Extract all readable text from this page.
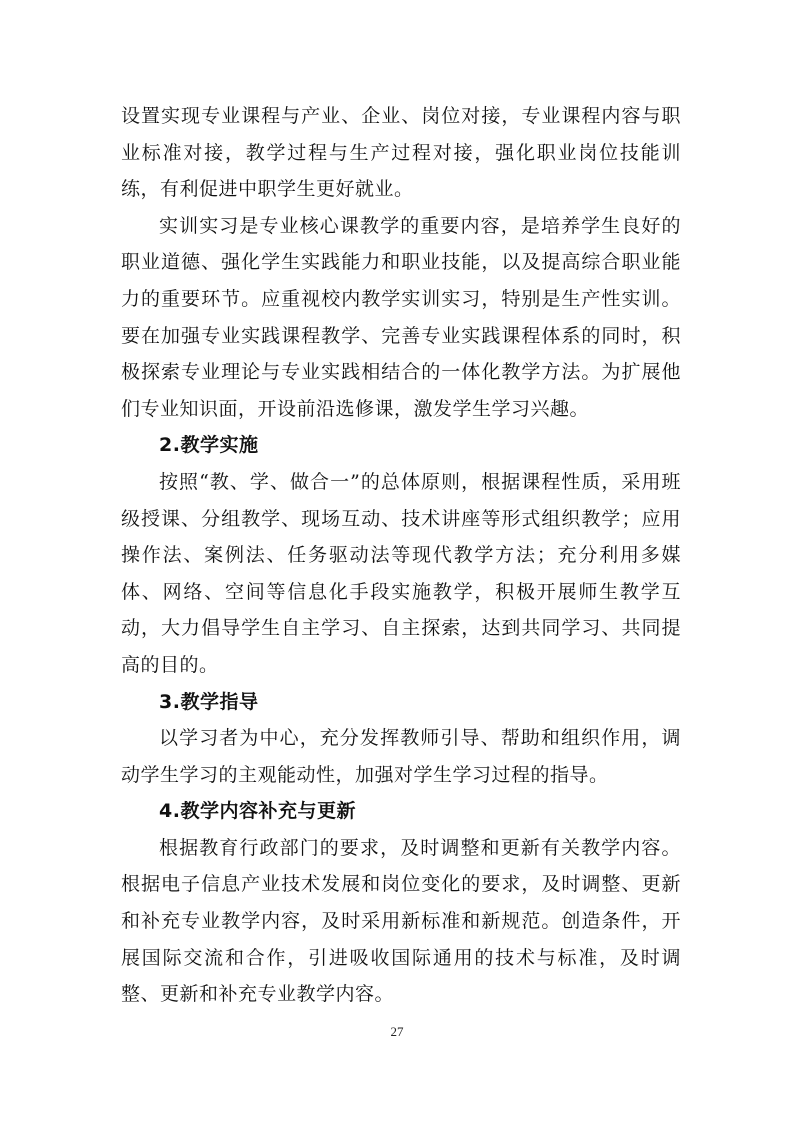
设置实现专业课程与产业、企业、岗位对接，专业课程内容与职业标准对接，教学过程与生产过程对接，强化职业岗位技能训练，有利促进中职学生更好就业。

实训实习是专业核心课教学的重要内容，是培养学生良好的职业道德、强化学生实践能力和职业技能，以及提高综合职业能力的重要环节。应重视校内教学实训实习，特别是生产性实训。要在加强专业实践课程教学、完善专业实践课程体系的同时，积极探索专业理论与专业实践相结合的一体化教学方法。为扩展他们专业知识面，开设前沿选修课，激发学生学习兴趣。

2.教学实施

按照“教、学、做合一”的总体原则，根据课程性质，采用班级授课、分组教学、现场互动、技术讲座等形式组织教学；应用操作法、案例法、任务驱动法等现代教学方法；充分利用多媒体、网络、空间等信息化手段实施教学，积极开展师生教学互动，大力倡导学生自主学习、自主探索，达到共同学习、共同提高的目的。

3.教学指导

以学习者为中心，充分发挥教师引导、帮助和组织作用，调动学生学习的主观能动性，加强对学生学习过程的指导。

4.教学内容补充与更新

根据教育行政部门的要求，及时调整和更新有关教学内容。根据电子信息产业技术发展和岗位变化的要求，及时调整、更新和补充专业教学内容，及时采用新标准和新规范。创造条件，开展国际交流和合作，引进吸收国际通用的技术与标准，及时调整、更新和补充专业教学内容。

27
